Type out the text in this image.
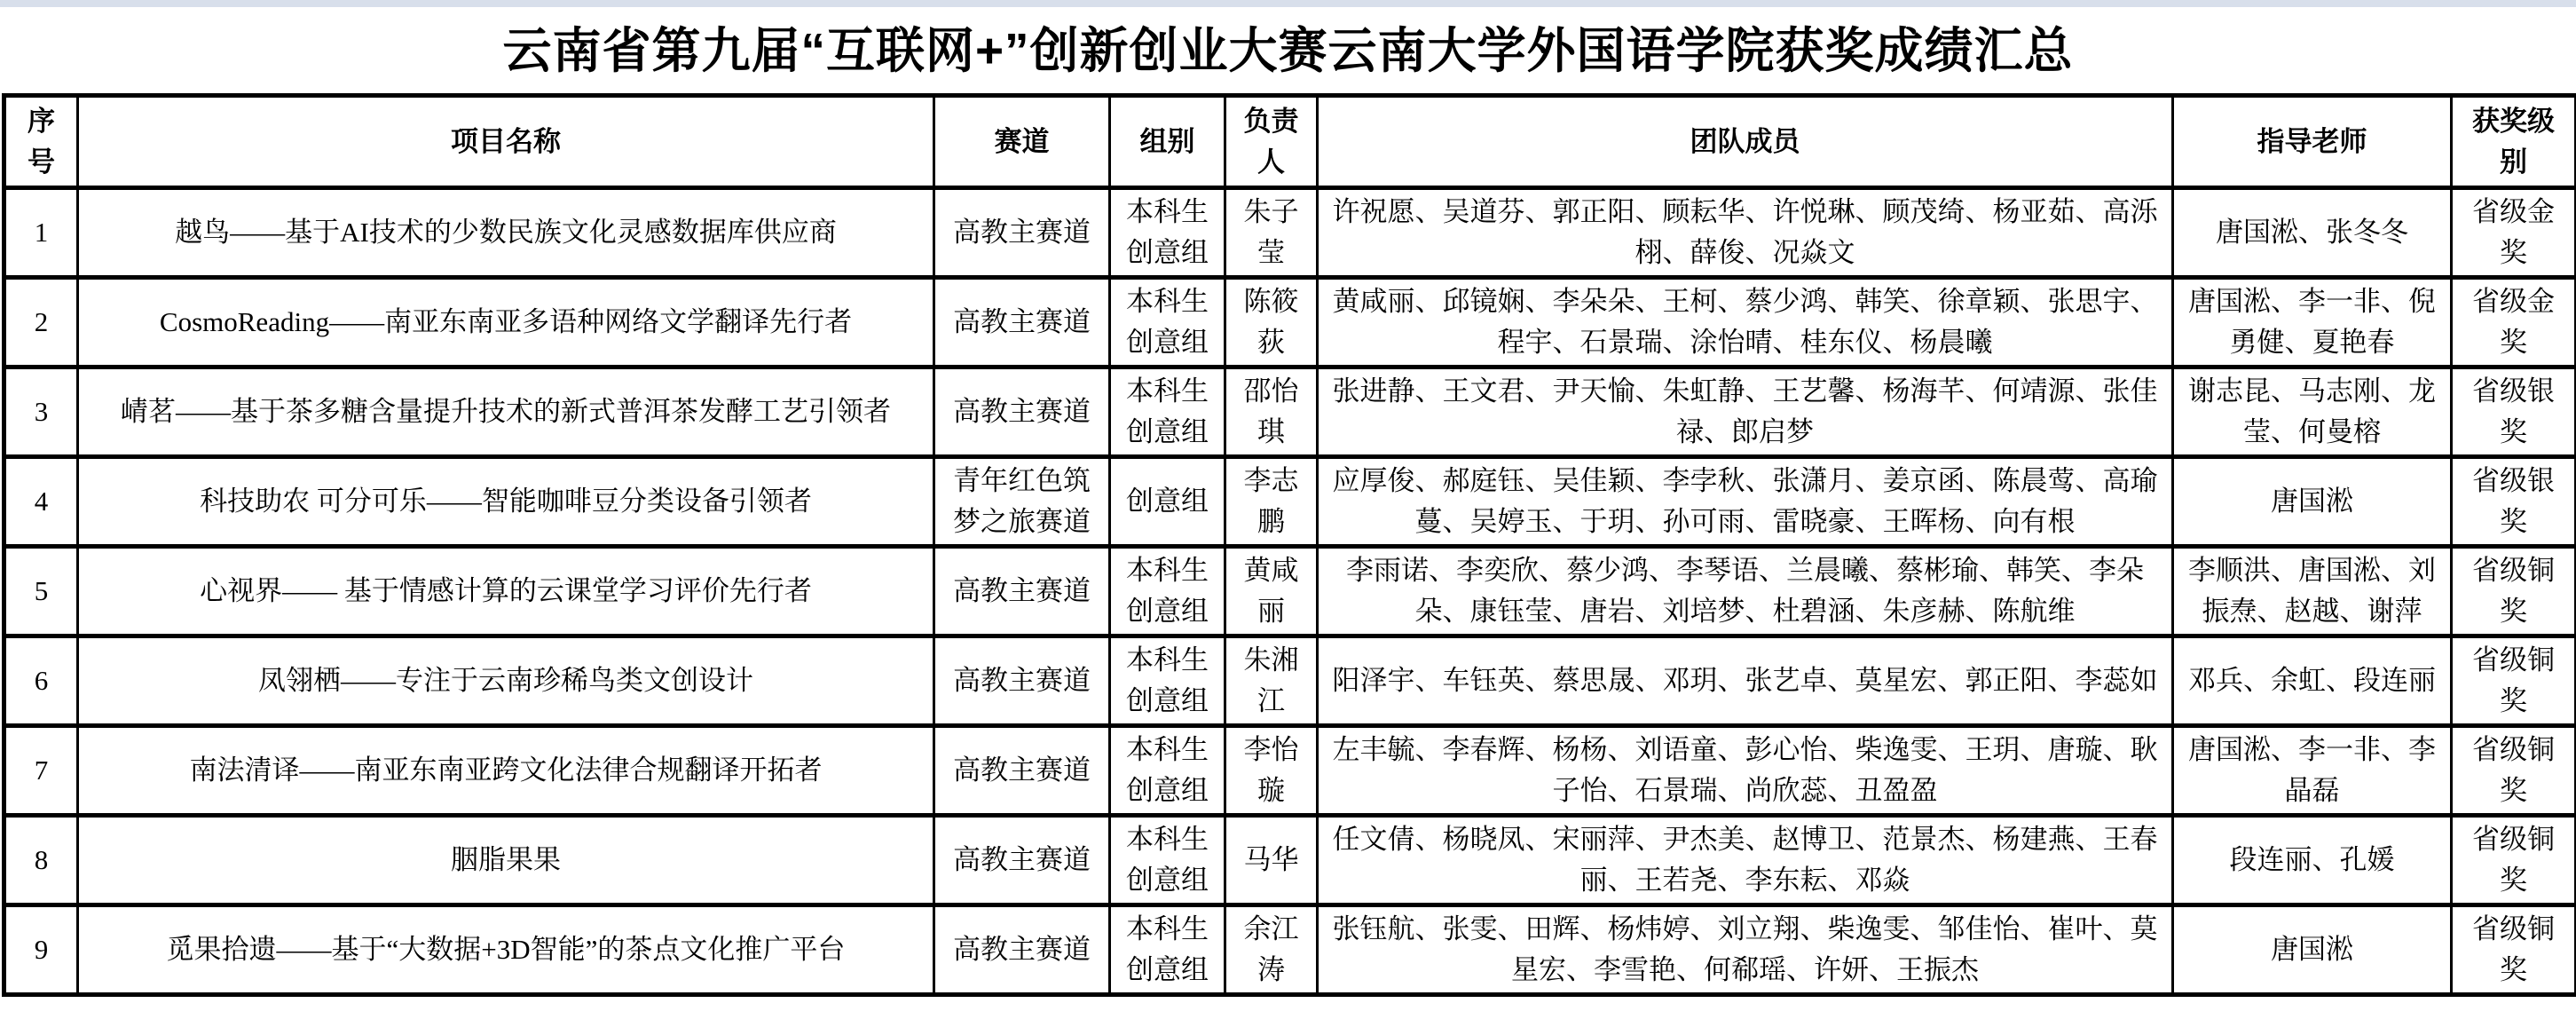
云南省第九届“互联网+”创新创业大赛云南大学外国语学院获奖成绩汇总
序号	项目名称	赛道	组别	负责人	团队成员	指导老师	获奖级别
1	越鸟——基于AI技术的少数民族文化灵感数据库供应商	高教主赛道	本科生创意组	朱子莹	许祝愿、吴道芬、郭正阳、顾耘华、许悦琳、顾茂绮、杨亚茹、高泺栩、薛俊、况焱文	唐国淞、张冬冬	省级金奖
2	CosmoReading——南亚东南亚多语种网络文学翻译先行者	高教主赛道	本科生创意组	陈筱荻	黄咸丽、邱镜娴、李朵朵、王柯、蔡少鸿、韩笑、徐章颖、张思宇、程宇、石景瑞、涂怡晴、桂东仪、杨晨曦	唐国淞、李一非、倪勇健、夏艳春	省级金奖
3	崝茗——基于茶多糖含量提升技术的新式普洱茶发酵工艺引领者	高教主赛道	本科生创意组	邵怡琪	张进静、王文君、尹天愉、朱虹静、王艺馨、杨海芊、何靖源、张佳禄、郎启梦	谢志昆、马志刚、龙莹、何曼榕	省级银奖
4	科技助农 可分可乐——智能咖啡豆分类设备引领者	青年红色筑梦之旅赛道	创意组	李志鹏	应厚俊、郝庭钰、吴佳颖、李孛秋、张潇月、姜京函、陈晨莺、高瑜蔓、吴婷玉、于玥、孙可雨、雷晓豪、王晖杨、向有根	唐国淞	省级银奖
5	心视界—— 基于情感计算的云课堂学习评价先行者	高教主赛道	本科生创意组	黄咸丽	李雨诺、李奕欣、蔡少鸿、李琴语、兰晨曦、蔡彬瑜、韩笑、李朵朵、康钰莹、唐岩、刘培梦、杜碧涵、朱彦赫、陈航维	李顺洪、唐国淞、刘振焘、赵越、谢萍	省级铜奖
6	凤翎栖——专注于云南珍稀鸟类文创设计	高教主赛道	本科生创意组	朱湘江	阳泽宇、车钰英、蔡思晟、邓玥、张艺卓、莫星宏、郭正阳、李蕊如	邓兵、余虹、段连丽	省级铜奖
7	南法清译——南亚东南亚跨文化法律合规翻译开拓者	高教主赛道	本科生创意组	李怡璇	左丰毓、李春辉、杨杨、刘语童、彭心怡、柴逸雯、王玥、唐璇、耿子怡、石景瑞、尚欣蕊、丑盈盈	唐国淞、李一非、李晶磊	省级铜奖
8	胭脂果果	高教主赛道	本科生创意组	马华	任文倩、杨晓凤、宋丽萍、尹杰美、赵博卫、范景杰、杨建燕、王春丽、王若尧、李东耘、邓焱	段连丽、孔媛	省级铜奖
9	觅果拾遗——基于“大数据+3D智能”的茶点文化推广平台	高教主赛道	本科生创意组	余江涛	张钰航、张雯、田辉、杨炜婷、刘立翔、柴逸雯、邹佳怡、崔叶、莫星宏、李雪艳、何郗瑶、许妍、王振杰	唐国淞	省级铜奖
